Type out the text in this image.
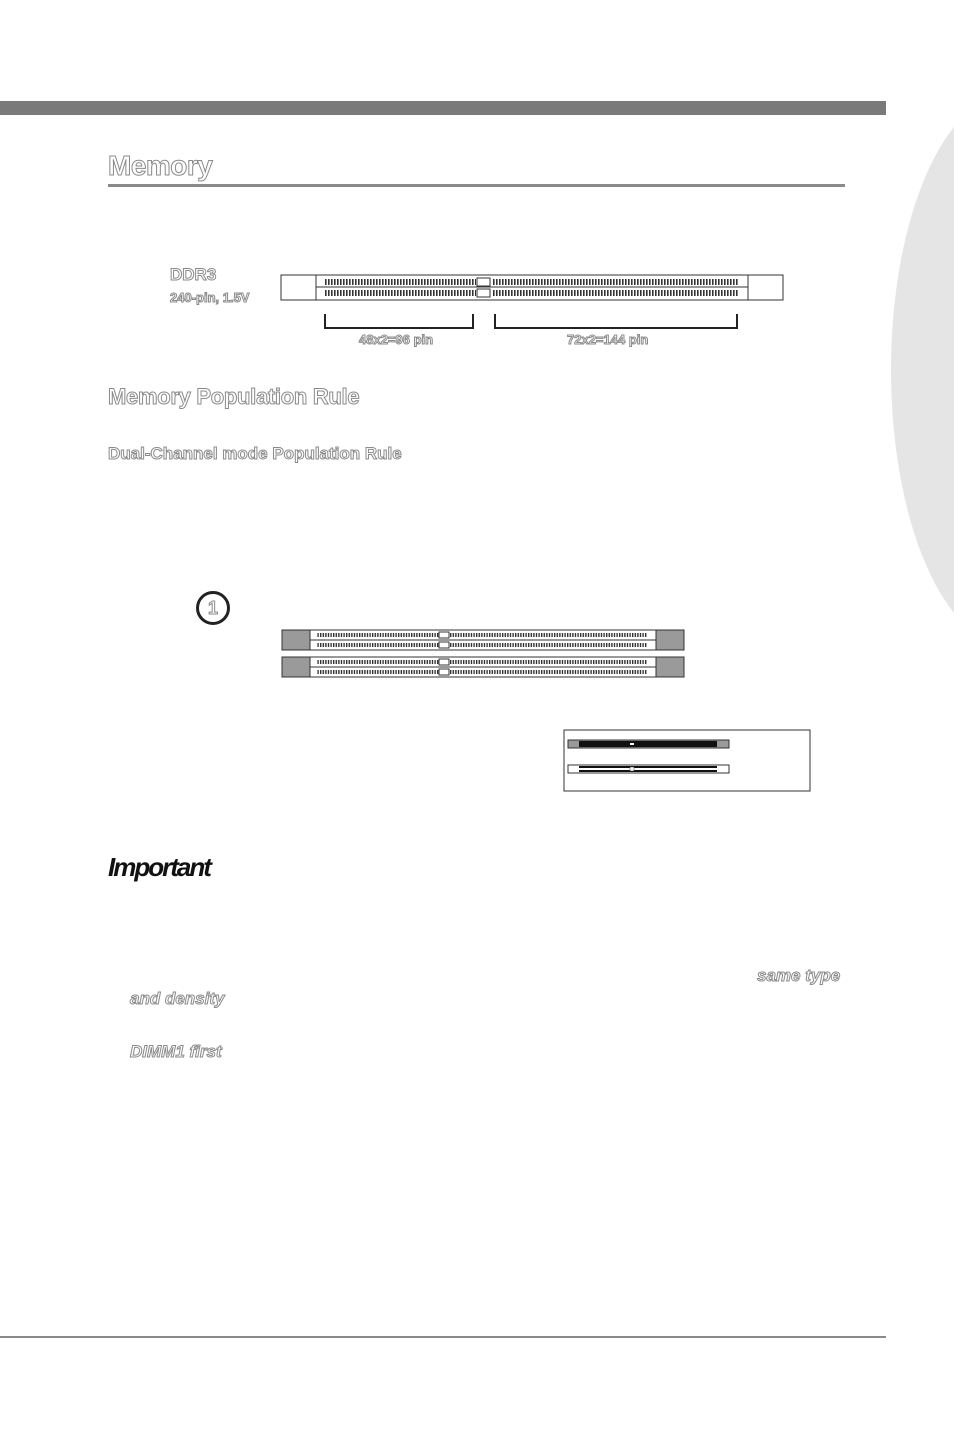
Memory
DDR3
240-pin, 1.5V
48x2=96 pin	72x2=144 pin
Memory Population Rule
Dual-Channel mode Population Rule
1
Important
same type
and density
DIMM1 first
